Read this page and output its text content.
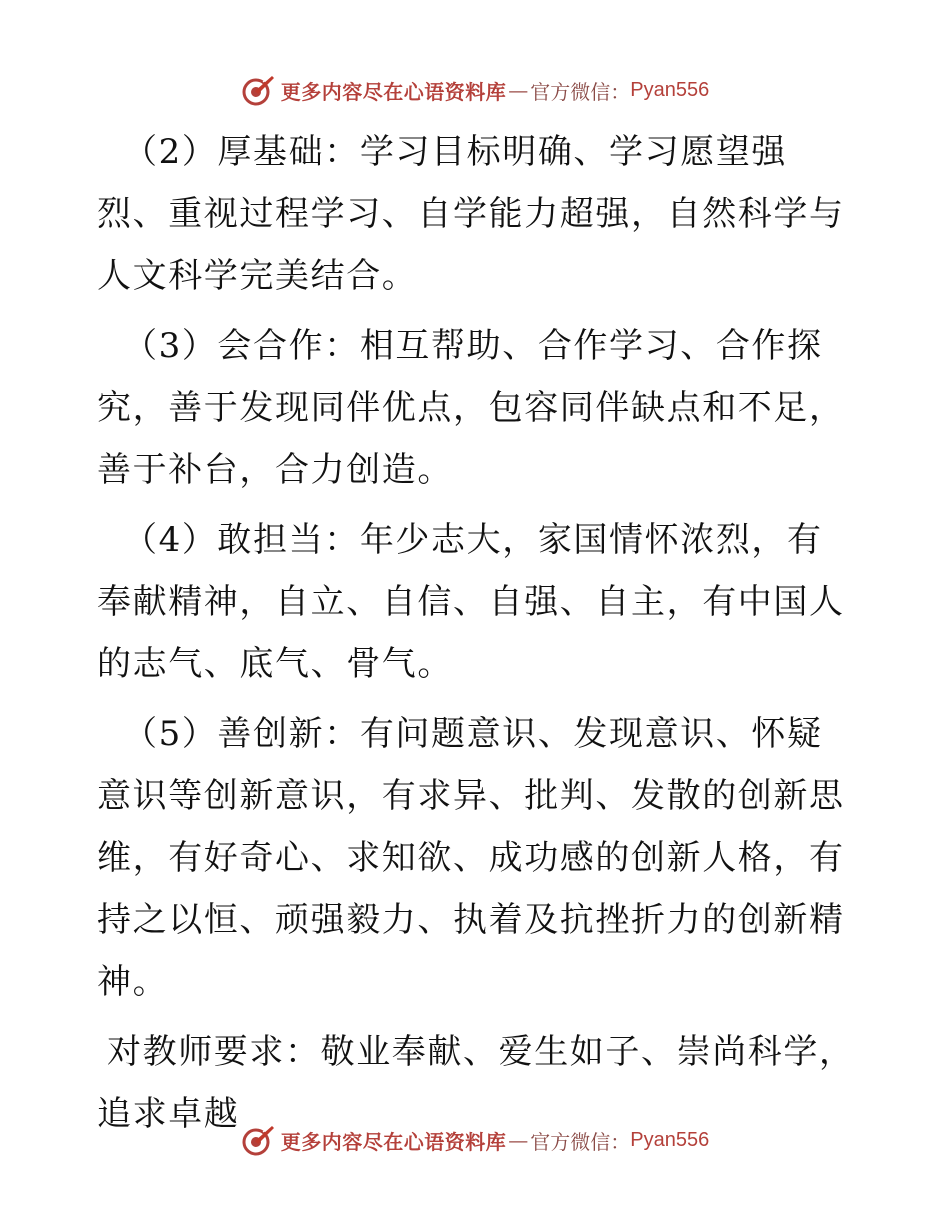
更多内容尽在心语资料库 — 官方微信： Pyan556

（2）厚基础：学习目标明确、学习愿望强烈、重视过程学习、自学能力超强，自然科学与人文科学完美结合。

（3）会合作：相互帮助、合作学习、合作探究，善于发现同伴优点，包容同伴缺点和不足，善于补台，合力创造。

（4）敢担当：年少志大，家国情怀浓烈，有奉献精神，自立、自信、自强、自主，有中国人的志气、底气、骨气。

（5）善创新：有问题意识、发现意识、怀疑意识等创新意识，有求异、批判、发散的创新思维，有好奇心、求知欲、成功感的创新人格，有持之以恒、顽强毅力、执着及抗挫折力的创新精神。

对教师要求：敬业奉献、爱生如子、崇尚科学，追求卓越

更多内容尽在心语资料库 — 官方微信： Pyan556
